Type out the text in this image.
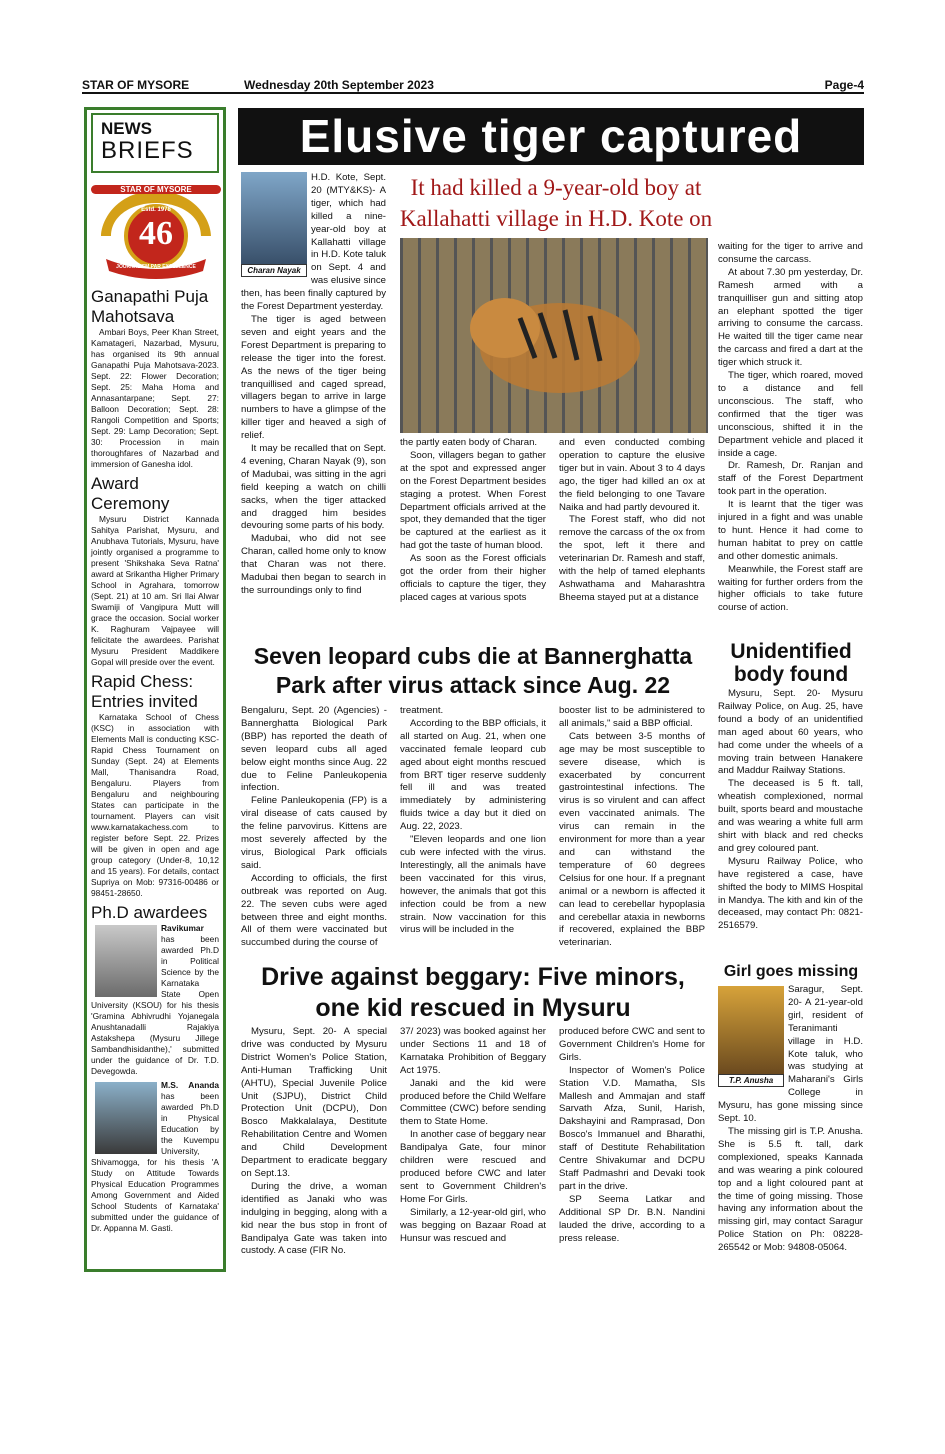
STAR OF MYSORE	Wednesday 20th September 2023	Page-4
NEWS
BRIEFS
STAR OF MYSORE
Estd. 1978
46
JOURNALISM PAR EXCELLENCE
Ganapathi Puja Mahotsava

Ambari Boys, Peer Khan Street, Kamatageri, Nazarbad, Mysuru, has organised its 9th annual Ganapathi Puja Mahotsava-2023. Sept. 22: Flower Decoration; Sept. 25: Maha Homa and Annasantarpane; Sept. 27: Balloon Decoration; Sept. 28: Rangoli Competition and Sports; Sept. 29: Lamp Decoration; Sept. 30: Procession in main thoroughfares of Nazarbad and immersion of Ganesha idol.

Award Ceremony

Mysuru District Kannada Sahitya Parishat, Mysuru, and Anubhava Tutorials, Mysuru, have jointly organised a programme to present 'Shikshaka Seva Ratna' award at Srikantha Higher Primary School in Agrahara, tomorrow (Sept. 21) at 10 am. Sri Ilai Alwar Swamiji of Vangipura Mutt will grace the occasion. Social worker K. Raghuram Vajpayee will felicitate the awardees. Parishat Mysuru President Maddikere Gopal will preside over the event.

Rapid Chess: Entries invited

Karnataka School of Chess (KSC) in association with Elements Mall is conducting KSC-Rapid Chess Tournament on Sunday (Sept. 24) at Elements Mall, Thanisandra Road, Bengaluru. Players from Bengaluru and neighbouring States can participate in the tournament. Players can visit www.karnatakachess.com to register before Sept. 22. Prizes will be given in open and age group category (Under-8, 10,12 and 15 years). For details, contact Supriya on Mob: 97316-00486 or 98451-28650.

Ph.D awardees

Ravikumar has been awarded Ph.D in Political Science by the Karnataka State Open University (KSOU) for his thesis 'Gramina Abhivrudhi Yojanegala Anushtanadalli Rajakiya Astakshepa (Mysuru Jillege Sambandhisidanthe),' submitted under the guidance of Dr. T.D. Devegowda.

M.S. Ananda has been awarded Ph.D in Physical Education by the Kuvempu University, Shivamogga, for his thesis 'A Study on Attitude Towards Physical Education Programmes Among Government and Aided School Students of Karnataka' submitted under the guidance of Dr. Appanna M. Gasti.

Elusive tiger captured
Charan Nayak

H.D. Kote, Sept. 20 (MTY&KS)- A tiger, which had killed a nine-year-old boy at Kallahatti village in H.D. Kote taluk on Sept. 4 and was elusive since then, has been finally captured by the Forest Department yesterday.

The tiger is aged between seven and eight years and the Forest Department is preparing to release the tiger into the forest. As the news of the tiger being tranquillised and caged spread, villagers began to arrive in large numbers to have a glimpse of the killer tiger and heaved a sigh of relief.

It may be recalled that on Sept. 4 evening, Charan Nayak (9), son of Madubai, was sitting in the agri field keeping a watch on chilli sacks, when the tiger attacked and dragged him besides devouring some parts of his body.

Madubai, who did not see Charan, called home only to know that Charan was not there. Madubai then began to search in the surroundings only to find

It had killed a 9-year-old boy at Kallahatti village in H.D. Kote on

the partly eaten body of Charan.

Soon, villagers began to gather at the spot and expressed anger on the Forest Department besides staging a protest. When Forest Department officials arrived at the spot, they demanded that the tiger be captured at the earliest as it had got the taste of human blood.

As soon as the Forest officials got the order from their higher officials to capture the tiger, they placed cages at various spots

and even conducted combing operation to capture the elusive tiger but in vain. About 3 to 4 days ago, the tiger had killed an ox at the field belonging to one Tavare Naika and had partly devoured it.

The Forest staff, who did not remove the carcass of the ox from the spot, left it there and veterinarian Dr. Ramesh and staff, with the help of tamed elephants Ashwathama and Maharashtra Bheema stayed put at a distance

waiting for the tiger to arrive and consume the carcass.

At about 7.30 pm yesterday, Dr. Ramesh armed with a tranquilliser gun and sitting atop an elephant spotted the tiger arriving to consume the carcass. He waited till the tiger came near the carcass and fired a dart at the tiger which struck it.

The tiger, which roared, moved to a distance and fell unconscious. The staff, who confirmed that the tiger was unconscious, shifted it in the Department vehicle and placed it inside a cage.

Dr. Ramesh, Dr. Ranjan and staff of the Forest Department took part in the operation.

It is learnt that the tiger was injured in a fight and was unable to hunt. Hence it had come to human habitat to prey on cattle and other domestic animals.

Meanwhile, the Forest staff are waiting for further orders from the higher officials to take future course of action.

Seven leopard cubs die at Bannerghatta Park after virus attack since Aug. 22

Bengaluru, Sept. 20 (Agencies) - Bannerghatta Biological Park (BBP) has reported the death of seven leopard cubs all aged below eight months since Aug. 22 due to Feline Panleukopenia infection.

Feline Panleukopenia (FP) is a viral disease of cats caused by the feline parvovirus. Kittens are most severely affected by the virus, Biological Park officials said.

According to officials, the first outbreak was reported on Aug. 22. The seven cubs were aged between three and eight months. All of them were vaccinated but succumbed during the course of

treatment.

According to the BBP officials, it all started on Aug. 21, when one vaccinated female leopard cub aged about eight months rescued from BRT tiger reserve suddenly fell ill and was treated immediately by administering fluids twice a day but it died on Aug. 22, 2023.

"Eleven leopards and one lion cub were infected with the virus. Interestingly, all the animals have been vaccinated for this virus, however, the animals that got this infection could be from a new strain. Now vaccination for this virus will be included in the

booster list to be administered to all animals," said a BBP official.

Cats between 3-5 months of age may be most susceptible to severe disease, which is exacerbated by concurrent gastrointestinal infections. The virus is so virulent and can affect even vaccinated animals. The virus can remain in the environment for more than a year and can withstand the temperature of 60 degrees Celsius for one hour. If a pregnant animal or a newborn is affected it can lead to cerebellar hypoplasia and cerebellar ataxia in newborns if recovered, explained the BBP veterinarian.

Unidentified body found

Mysuru, Sept. 20- Mysuru Railway Police, on Aug. 25, have found a body of an unidentified man aged about 60 years, who had come under the wheels of a moving train between Hanakere and Maddur Railway Stations.

The deceased is 5 ft. tall, wheatish complexioned, normal built, sports beard and moustache and was wearing a white full arm shirt with black and red checks and grey coloured pant.

Mysuru Railway Police, who have registered a case, have shifted the body to MIMS Hospital in Mandya. The kith and kin of the deceased, may contact Ph: 0821-2516579.

Drive against beggary: Five minors, one kid rescued in Mysuru

Mysuru, Sept. 20- A special drive was conducted by Mysuru District Women's Police Station, Anti-Human Trafficking Unit (AHTU), Special Juvenile Police Unit (SJPU), District Child Protection Unit (DCPU), Don Bosco Makkalalaya, Destitute Rehabilitation Centre and Women and Child Development Department to eradicate beggary on Sept.13.

During the drive, a woman identified as Janaki who was indulging in begging, along with a kid near the bus stop in front of Bandipalya Gate was taken into custody. A case (FIR No.

37/ 2023) was booked against her under Sections 11 and 18 of Karnataka Prohibition of Beggary Act 1975.

Janaki and the kid were produced before the Child Welfare Committee (CWC) before sending them to State Home.

In another case of beggary near Bandipalya Gate, four minor children were rescued and produced before CWC and later sent to Government Children's Home For Girls.

Similarly, a 12-year-old girl, who was begging on Bazaar Road at Hunsur was rescued and

produced before CWC and sent to Government Children's Home for Girls.

Inspector of Women's Police Station V.D. Mamatha, SIs Mallesh and Ammajan and staff Sarvath Afza, Sunil, Harish, Dakshayini and Ramprasad, Don Bosco's Immanuel and Bharathi, staff of Destitute Rehabilitation Centre Shivakumar and DCPU Staff Padmashri and Devaki took part in the drive.

SP Seema Latkar and Additional SP Dr. B.N. Nandini lauded the drive, according to a press release.

Girl goes missing
T.P. Anusha

Saragur, Sept. 20- A 21-year-old girl, resident of Teranimanti village in H.D. Kote taluk, who was studying at Maharani's Girls College in Mysuru, has gone missing since Sept. 10.

The missing girl is T.P. Anusha. She is 5.5 ft. tall, dark complexioned, speaks Kannada and was wearing a pink coloured top and a light coloured pant at the time of going missing. Those having any information about the missing girl, may contact Saragur Police Station on Ph: 08228-265542 or Mob: 94808-05064.
